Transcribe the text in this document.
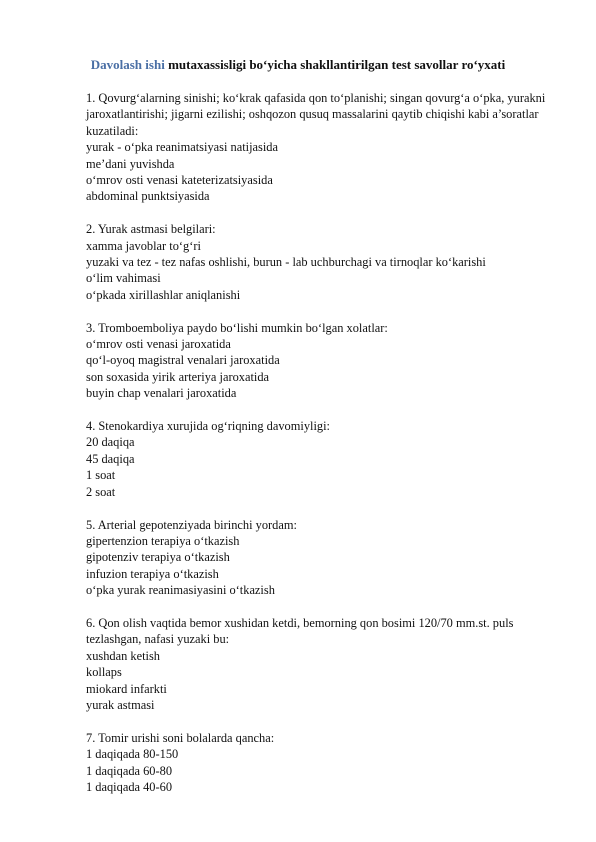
Davolash ishi mutaxassisligi bo‘yicha shakllantirilgan test savollar ro‘yxati
1. Qovurg‘alarning sinishi; ko‘krak qafasida qon to‘planishi; singan qovurg‘a o‘pka, yurakni jaroxatlantirishi; jigarni ezilishi; oshqozon qusuq massalarini qaytib chiqishi kabi a’soratlar kuzatiladi:
yurak - o‘pka reanimatsiyasi natijasida
me’dani yuvishda
o‘mrov osti venasi kateterizatsiyasida
abdominal punktsiyasida
2. Yurak astmasi belgilari:
xamma javoblar to‘g‘ri
yuzaki va tez - tez nafas oshlishi, burun - lab uchburchagi va tirnoqlar ko‘karishi
o‘lim vahimasi
o‘pkada xirillashlar aniqlanishi
3. Tromboemboliya paydo bo‘lishi mumkin bo‘lgan xolatlar:
o‘mrov osti venasi jaroxatida
qo‘l-oyoq magistral venalari jaroxatida
son soxasida yirik arteriya jaroxatida
buyin chap venalari jaroxatida
4. Stenokardiya xurujida og‘riqning davomiyligi:
20 daqiqa
45 daqiqa
1 soat
2 soat
5. Arterial gepotenziyada birinchi yordam:
gipertenzion terapiya o‘tkazish
gipotenziv terapiya o‘tkazish
infuzion terapiya o‘tkazish
o‘pka yurak reanimasiyasini o‘tkazish
6. Qon olish vaqtida bemor xushidan ketdi, bemorning qon bosimi 120/70 mm.st. puls tezlashgan, nafasi yuzaki bu:
xushdan ketish
kollaps
miokard infarkti
yurak astmasi
7. Tomir urishi soni bolalarda qancha:
1 daqiqada 80-150
1 daqiqada 60-80
1 daqiqada 40-60
